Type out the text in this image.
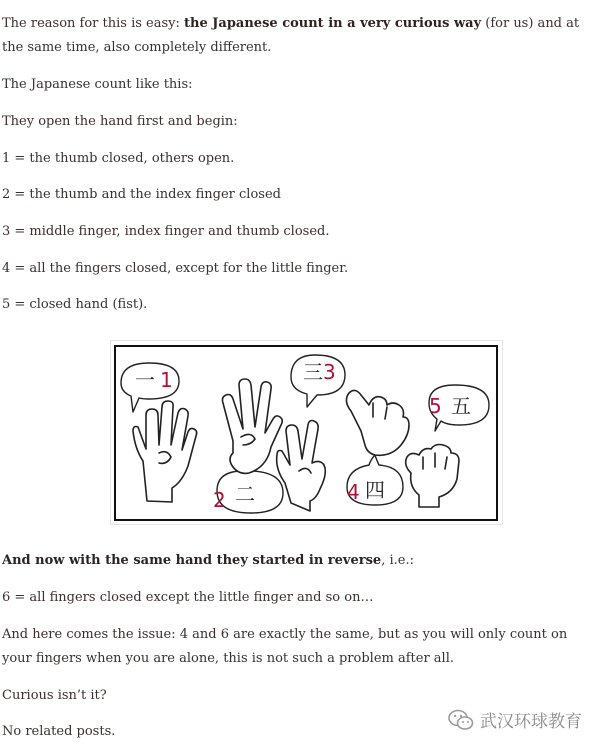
The reason for this is easy: the Japanese count in a very curious way (for us) and at the same time, also completely different.

The Japanese count like this:

They open the hand first and begin:

1 = the thumb closed, others open.

2 = the thumb and the index finger closed

3 = middle finger, index finger and thumb closed.

4 = all the fingers closed, except for the little finger.

5 = closed hand (fist).

一 1	三 3
5 五
2 二	4 四

And now with the same hand they started in reverse, i.e.:

6 = all fingers closed except the little finger and so on…

And here comes the issue: 4 and 6 are exactly the same, but as you will only count on your fingers when you are alone, this is not such a problem after all.

Curious isn’t it?

No related posts.	武汉环球教育
